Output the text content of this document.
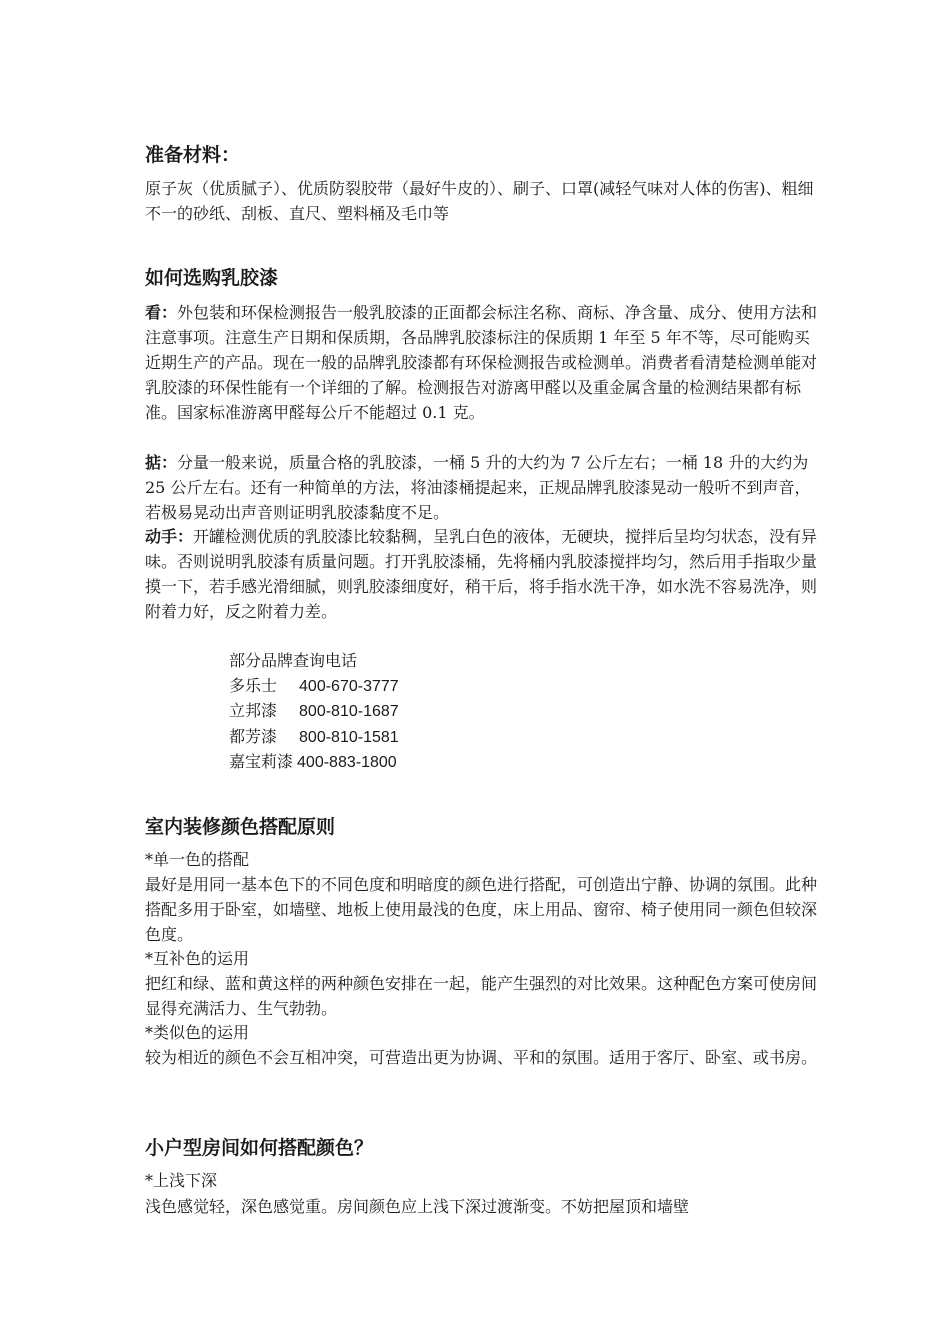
准备材料：
原子灰（优质腻子）、优质防裂胶带（最好牛皮的）、刷子、口罩(减轻气味对人体的伤害)、粗细不一的砂纸、刮板、直尺、塑料桶及毛巾等
如何选购乳胶漆
看：外包装和环保检测报告一般乳胶漆的正面都会标注名称、商标、净含量、成分、使用方法和注意事项。注意生产日期和保质期，各品牌乳胶漆标注的保质期 1 年至 5 年不等，尽可能购买近期生产的产品。现在一般的品牌乳胶漆都有环保检测报告或检测单。消费者看清楚检测单能对乳胶漆的环保性能有一个详细的了解。检测报告对游离甲醛以及重金属含量的检测结果都有标准。国家标准游离甲醛每公斤不能超过 0.1 克。
掂：分量一般来说，质量合格的乳胶漆，一桶 5 升的大约为 7 公斤左右；一桶 18 升的大约为 25 公斤左右。还有一种简单的方法，将油漆桶提起来，正规品牌乳胶漆晃动一般听不到声音，若极易晃动出声音则证明乳胶漆黏度不足。
动手：开罐检测优质的乳胶漆比较黏稠，呈乳白色的液体，无硬块，搅拌后呈均匀状态，没有异味。否则说明乳胶漆有质量问题。打开乳胶漆桶，先将桶内乳胶漆搅拌均匀，然后用手指取少量摸一下，若手感光滑细腻，则乳胶漆细度好，稍干后，将手指水洗干净，如水洗不容易洗净，则附着力好，反之附着力差。
部分品牌查询电话
多乐士 400-670-3777
立邦漆 800-810-1687
都芳漆 800-810-1581
嘉宝莉漆 400-883-1800
室内装修颜色搭配原则
*单一色的搭配
最好是用同一基本色下的不同色度和明暗度的颜色进行搭配，可创造出宁静、协调的氛围。此种搭配多用于卧室，如墙壁、地板上使用最浅的色度，床上用品、窗帘、椅子使用同一颜色但较深色度。
*互补色的运用
把红和绿、蓝和黄这样的两种颜色安排在一起，能产生强烈的对比效果。这种配色方案可使房间显得充满活力、生气勃勃。
*类似色的运用
较为相近的颜色不会互相冲突，可营造出更为协调、平和的氛围。适用于客厅、卧室、或书房。
小户型房间如何搭配颜色？
*上浅下深
浅色感觉轻，深色感觉重。房间颜色应上浅下深过渡渐变。不妨把屋顶和墙壁
